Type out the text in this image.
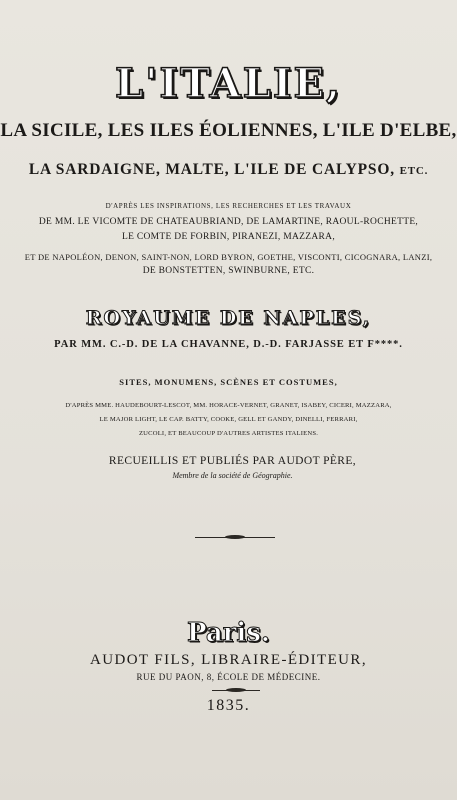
L'ITALIE,
LA SICILE, LES ILES ÉOLIENNES, L'ILE D'ELBE,
LA SARDAIGNE, MALTE, L'ILE DE CALYPSO, ETC.
D'APRÈS LES INSPIRATIONS, LES RECHERCHES ET LES TRAVAUX
DE MM. LE VICOMTE DE CHATEAUBRIAND, DE LAMARTINE, RAOUL-ROCHETTE,
LE COMTE DE FORBIN, PIRANEZI, MAZZARA,
ET DE NAPOLÉON, DENON, SAINT-NON, LORD BYRON, GOETHE, VISCONTI, CICOGNARA, LANZI,
DE BONSTETTEN, SWINBURNE, ETC.
ROYAUME DE NAPLES,
PAR MM. C.-D. DE LA CHAVANNE, D.-D. FARJASSE ET F****.
SITES, MONUMENS, SCÈNES ET COSTUMES,
D'APRÈS MME. HAUDEBOURT-LESCOT, MM. HORACE-VERNET, GRANET, ISABEY, CICERI, MAZZARA,
LE MAJOR LIGHT, LE CAP. BATTY, COOKE, GELL ET GANDY, DINELLI, FERRARI,
ZUCOLI, ET BEAUCOUP D'AUTRES ARTISTES ITALIENS.
RECUEILLIS ET PUBLIÉS PAR AUDOT PÈRE,
Membre de la société de Géographie.
Paris.
AUDOT FILS, LIBRAIRE-ÉDITEUR,
RUE DU PAON, 8, ÉCOLE DE MÉDECINE.
1835.
